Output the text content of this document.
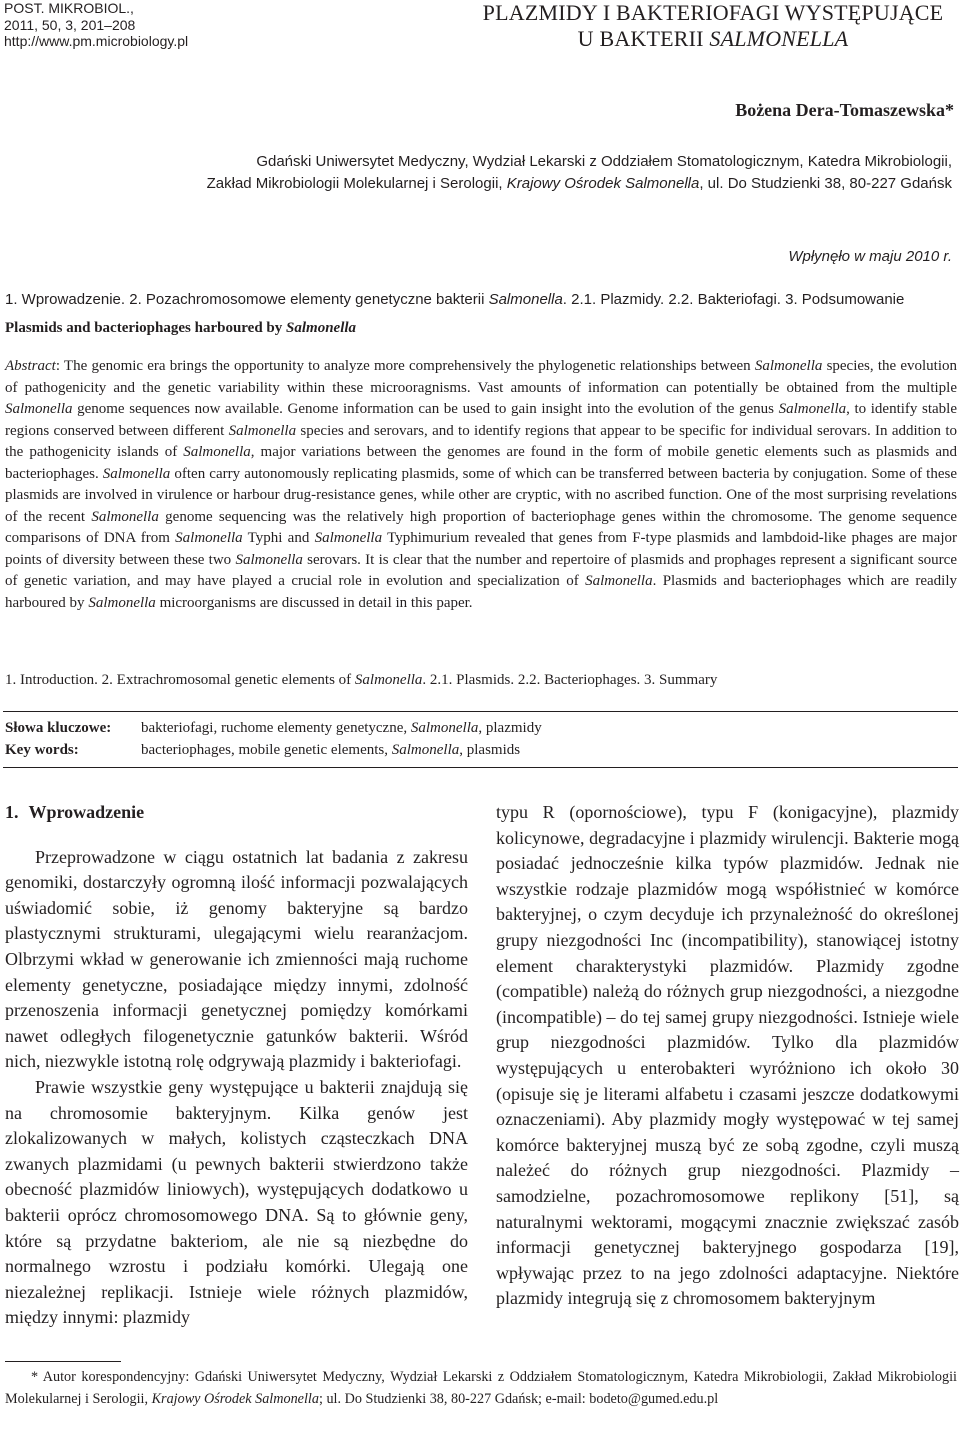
POST. MIKROBIOL.,
2011, 50, 3, 201–208
http://www.pm.microbiology.pl
PLAZMIDY I BAKTERIOFAGI WYSTĘPUJĄCE
U BAKTERII SALMONELLA
Bożena Dera-Tomaszewska*
Gdański Uniwersytet Medyczny, Wydział Lekarski z Oddziałem Stomatologicznym, Katedra Mikrobiologii,
Zakład Mikrobiologii Molekularnej i Serologii, Krajowy Ośrodek Salmonella, ul. Do Studzienki 38, 80-227 Gdańsk
Wpłynęło w maju 2010 r.
1. Wprowadzenie. 2. Pozachromosomowe elementy genetyczne bakterii Salmonella. 2.1. Plazmidy. 2.2. Bakteriofagi. 3. Podsumowanie
Plasmids and bacteriophages harboured by Salmonella

Abstract: The genomic era brings the opportunity to analyze more comprehensively the phylogenetic relationships between Salmonella species, the evolution of pathogenicity and the genetic variability within these microoragnisms. Vast amounts of information can potentially be obtained from the multiple Salmonella genome sequences now available. Genome information can be used to gain insight into the evolution of the genus Salmonella, to identify stable regions conserved between different Salmonella species and serovars, and to identify regions that appear to be specific for individual serovars. In addition to the pathogenicity islands of Salmonella, major variations between the genomes are found in the form of mobile genetic elements such as plasmids and bacteriophages. Salmonella often carry autonomously replicating plasmids, some of which can be transferred between bacteria by conjugation. Some of these plasmids are involved in virulence or harbour drug-resistance genes, while other are cryptic, with no ascribed function. One of the most surprising revelations of the recent Salmonella genome sequencing was the relatively high proportion of bacteriophage genes within the chromosome. The genome sequence comparisons of DNA from Salmonella Typhi and Salmonella Typhimurium revealed that genes from F-type plasmids and lambdoid-like phages are major points of diversity between these two Salmonella serovars. It is clear that the number and repertoire of plasmids and prophages represent a significant source of genetic variation, and may have played a crucial role in evolution and specialization of Salmonella. Plasmids and bacteriophages which are readily harboured by Salmonella microorganisms are discussed in detail in this paper.

1. Introduction. 2. Extrachromosomal genetic elements of Salmonella. 2.1. Plasmids. 2.2. Bacteriophages. 3. Summary
Słowa kluczowe:	bakteriofagi, ruchome elementy genetyczne, Salmonella, plazmidy
Key words:	bacteriophages, mobile genetic elements, Salmonella, plasmids
1. Wprowadzenie

Przeprowadzone w ciągu ostatnich lat badania z zakresu genomiki, dostarczyły ogromną ilość informacji pozwalających uświadomić sobie, iż genomy bakteryjne są bardzo plastycznymi strukturami, ulegającymi wielu rearanżacjom. Olbrzymi wkład w generowanie ich zmienności mają ruchome elementy genetyczne, posiadające między innymi, zdolność przenoszenia informacji genetycznej pomiędzy komórkami nawet odległych filogenetycznie gatunków bakterii. Wśród nich, niezwykle istotną rolę odgrywają plazmidy i bakteriofagi.

Prawie wszystkie geny występujące u bakterii znajdują się na chromosomie bakteryjnym. Kilka genów jest zlokalizowanych w małych, kolistych cząsteczkach DNA zwanych plazmidami (u pewnych bakterii stwierdzono także obecność plazmidów liniowych), występujących dodatkowo u bakterii oprócz chromosomowego DNA. Są to głównie geny, które są przydatne bakteriom, ale nie są niezbędne do normalnego wzrostu i podziału komórki. Ulegają one niezależnej replikacji. Istnieje wiele różnych plazmidów, między innymi: plazmidy

typu R (opornościowe), typu F (konigacyjne), plazmidy kolicynowe, degradacyjne i plazmidy wirulencji. Bakterie mogą posiadać jednocześnie kilka typów plazmidów. Jednak nie wszystkie rodzaje plazmidów mogą współistnieć w komórce bakteryjnej, o czym decyduje ich przynależność do określonej grupy niezgodności Inc (incompatibility), stanowiącej istotny element charakterystyki plazmidów. Plazmidy zgodne (compatible) należą do różnych grup niezgodności, a niezgodne (incompatible) – do tej samej grupy niezgodności. Istnieje wiele grup niezgodności plazmidów. Tylko dla plazmidów występujących u enterobakteri wyróżniono ich około 30 (opisuje się je literami alfabetu i czasami jeszcze dodatkowymi oznaczeniami). Aby plazmidy mogły występować w tej samej komórce bakteryjnej muszą być ze sobą zgodne, czyli muszą należeć do różnych grup niezgodności. Plazmidy – samodzielne, pozachromosomowe replikony [51], są naturalnymi wektorami, mogącymi znacznie zwiększać zasób informacji genetycznej bakteryjnego gospodarza [19], wpływając przez to na jego zdolności adaptacyjne. Niektóre plazmidy integrują się z chromosomem bakteryjnym

* Autor korespondencyjny: Gdański Uniwersytet Medyczny, Wydział Lekarski z Oddziałem Stomatologicznym, Katedra Mikrobiologii, Zakład Mikrobiologii Molekularnej i Serologii, Krajowy Ośrodek Salmonella; ul. Do Studzienki 38, 80-227 Gdańsk; e-mail: bodeto@gumed.edu.pl
